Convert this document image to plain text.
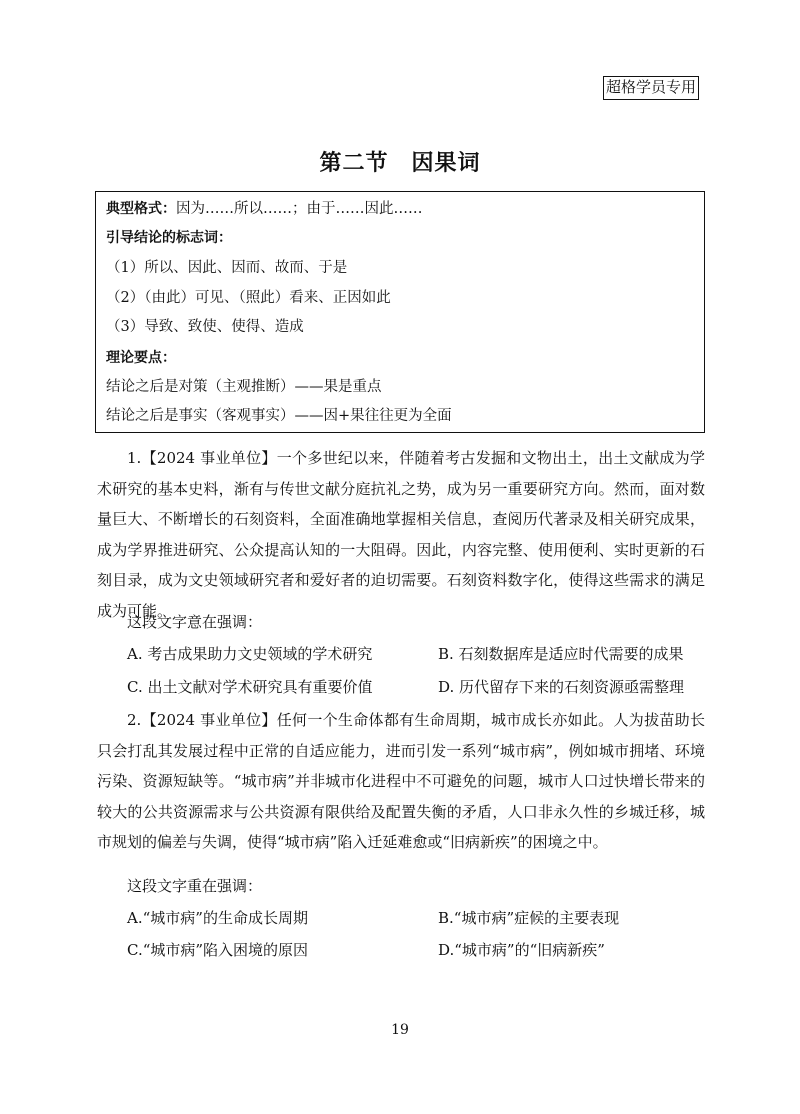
超格学员专用
第二节　因果词
典型格式：因为……所以……；由于……因此……
引导结论的标志词：
（1）所以、因此、因而、故而、于是
（2）（由此）可见、（照此）看来、正因如此
（3）导致、致使、使得、造成
理论要点：
结论之后是对策（主观推断）——果是重点
结论之后是事实（客观事实）——因+果往往更为全面
1.【2024 事业单位】一个多世纪以来，伴随着考古发掘和文物出土，出土文献成为学术研究的基本史料，渐有与传世文献分庭抗礼之势，成为另一重要研究方向。然而，面对数量巨大、不断增长的石刻资料，全面准确地掌握相关信息，查阅历代著录及相关研究成果，成为学界推进研究、公众提高认知的一大阻碍。因此，内容完整、使用便利、实时更新的石刻目录，成为文史领域研究者和爱好者的迫切需要。石刻资料数字化，使得这些需求的满足成为可能。
这段文字意在强调：
A. 考古成果助力文史领域的学术研究	B. 石刻数据库是适应时代需要的成果
C. 出土文献对学术研究具有重要价值	D. 历代留存下来的石刻资源亟需整理
2.【2024 事业单位】任何一个生命体都有生命周期，城市成长亦如此。人为拔苗助长只会打乱其发展过程中正常的自适应能力，进而引发一系列“城市病”，例如城市拥堵、环境污染、资源短缺等。“城市病”并非城市化进程中不可避免的问题，城市人口过快增长带来的较大的公共资源需求与公共资源有限供给及配置失衡的矛盾，人口非永久性的乡城迁移，城市规划的偏差与失调，使得“城市病”陷入迁延难愈或“旧病新疾”的困境之中。
这段文字重在强调：
A.“城市病”的生命成长周期	B.“城市病”症候的主要表现
C.“城市病”陷入困境的原因	D.“城市病”的“旧病新疾”
19
